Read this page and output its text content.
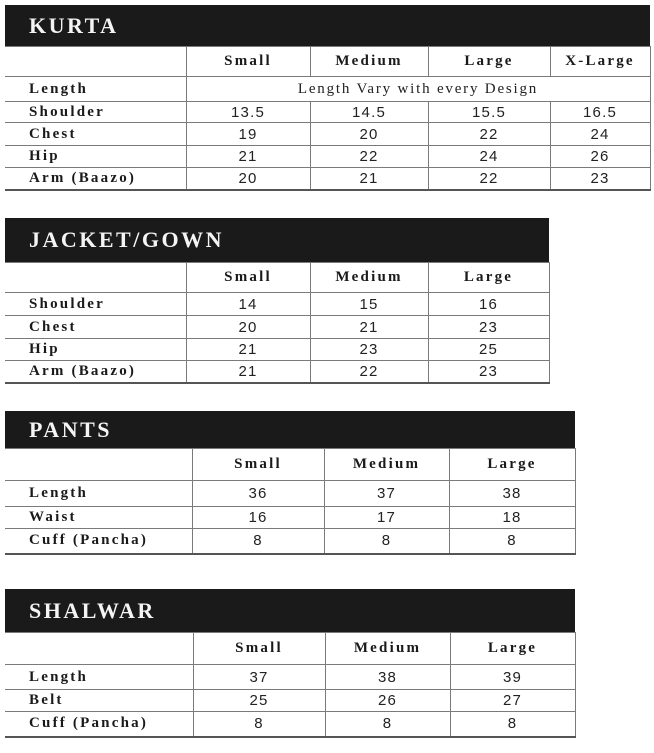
KURTA
	Small	Medium	Large	X-Large
Length	Length Vary with every Design			
Shoulder	13.5	14.5	15.5	16.5
Chest	19	20	22	24
Hip	21	22	24	26
Arm (Baazo)	20	21	22	23
JACKET/GOWN
	Small	Medium	Large
Shoulder	14	15	16
Chest	20	21	23
Hip	21	23	25
Arm (Baazo)	21	22	23
PANTS
	Small	Medium	Large
Length	36	37	38
Waist	16	17	18
Cuff (Pancha)	8	8	8
SHALWAR
	Small	Medium	Large
Length	37	38	39
Belt	25	26	27
Cuff (Pancha)	8	8	8
